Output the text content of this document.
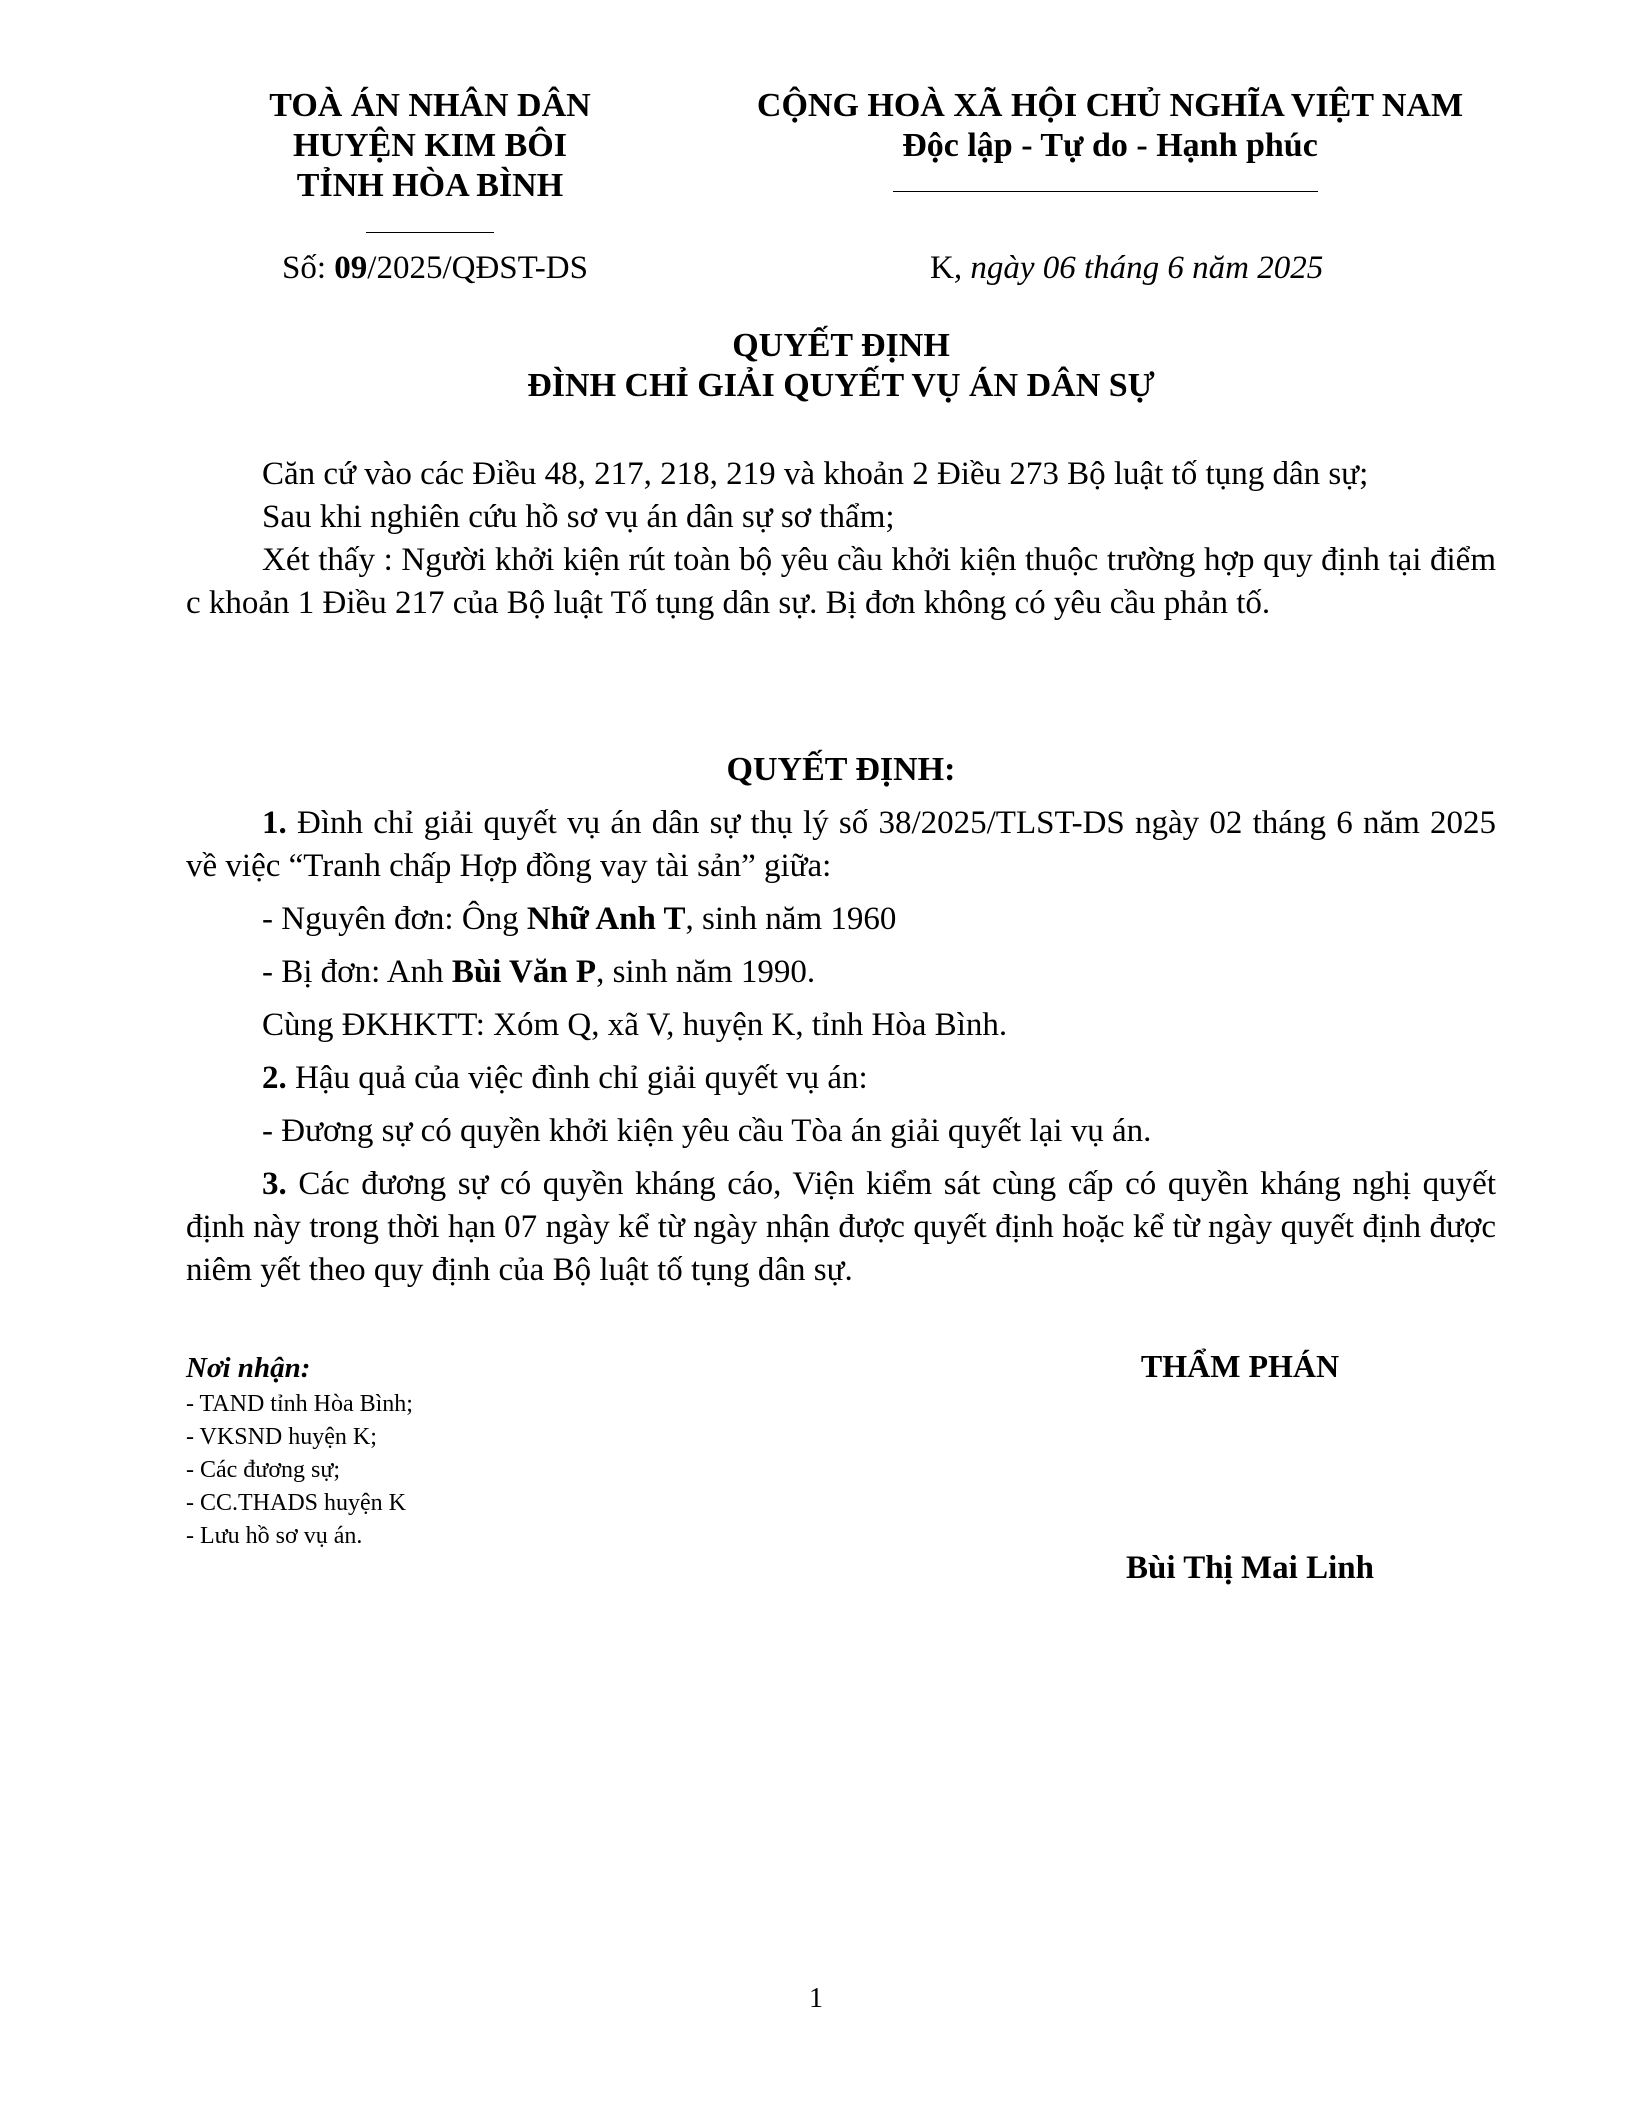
TOÀ ÁN NHÂN DÂN
HUYỆN KIM BÔI
TỈNH HÒA BÌNH
CỘNG HOÀ XÃ HỘI CHỦ NGHĨA VIỆT NAM
Độc lập - Tự do - Hạnh phúc
Số: 09/2025/QĐST-DS	K, ngày 06 tháng 6 năm 2025
QUYẾT ĐỊNH
ĐÌNH CHỈ GIẢI QUYẾT VỤ ÁN DÂN SỰ

Căn cứ vào các Điều 48, 217, 218, 219 và khoản 2 Điều 273 Bộ luật tố tụng dân sự;

Sau khi nghiên cứu hồ sơ vụ án dân sự sơ thẩm;

Xét thấy : Người khởi kiện rút toàn bộ yêu cầu khởi kiện thuộc trường hợp quy định tại điểm c khoản 1 Điều 217 của Bộ luật Tố tụng dân sự. Bị đơn không có yêu cầu phản tố.

QUYẾT ĐỊNH:

1. Đình chỉ giải quyết vụ án dân sự thụ lý số 38/2025/TLST-DS ngày 02 tháng 6 năm 2025 về việc “Tranh chấp Hợp đồng vay tài sản” giữa:

- Nguyên đơn: Ông Nhữ Anh T, sinh năm 1960

- Bị đơn: Anh Bùi Văn P, sinh năm 1990.

Cùng ĐKHKTT: Xóm Q, xã V, huyện K, tỉnh Hòa Bình.

2. Hậu quả của việc đình chỉ giải quyết vụ án:

- Đương sự có quyền khởi kiện yêu cầu Tòa án giải quyết lại vụ án.

3. Các đương sự có quyền kháng cáo, Viện kiểm sát cùng cấp có quyền kháng nghị quyết định này trong thời hạn 07 ngày kể từ ngày nhận được quyết định hoặc kể từ ngày quyết định được niêm yết theo quy định của Bộ luật tố tụng dân sự.

Nơi nhận:
- TAND tỉnh Hòa Bình;
- VKSND huyện K;
- Các đương sự;
- CC.THADS huyện K
- Lưu hồ sơ vụ án.
THẨM PHÁN
Bùi Thị Mai Linh
1
